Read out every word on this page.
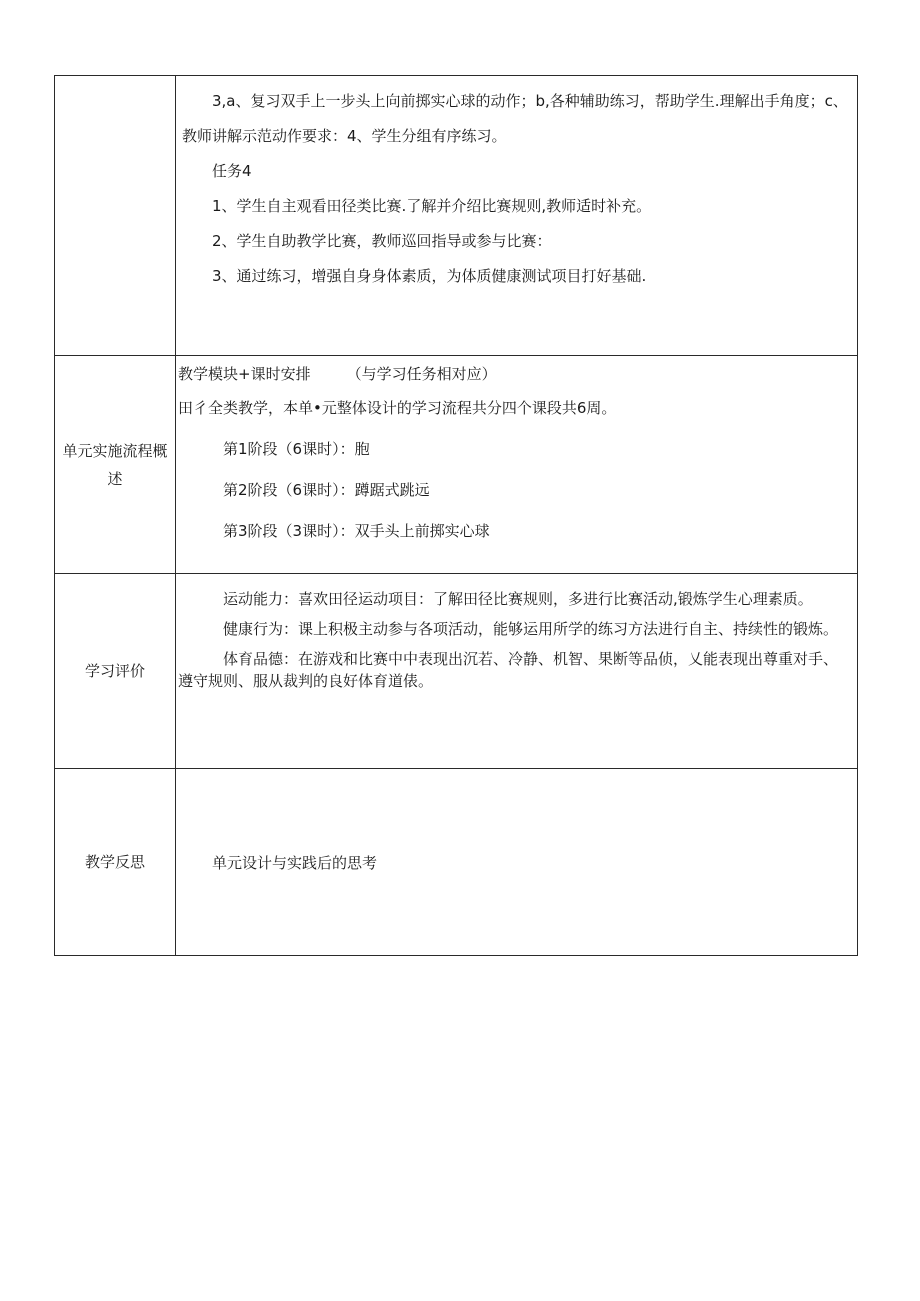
	3,a、复习双手上一步头上向前掷实心球的动作；b,各种辅助练习，帮助学生.理解出手角度；c、教师讲解示范动作要求：4、学生分组有序练习。

任务4

1、学生自主观看田径类比赛.了解并介绍比赛规则,教师适时补充。

2、学生自助教学比赛，教师巡回指导或参与比赛：

3、通过练习，增强自身身体素质，为体质健康测试项目打好基础.

单元实施流程概述	教学模块+课时安排 （与学习任务相对应）

田彳全类教学，本单•元整体设计的学习流程共分四个课段共6周。

第1阶段（6课时）：胞

第2阶段（6课时）：蹲踞式跳远

第3阶段（3课时）：双手头上前掷实心球

学习评价	运动能力：喜欢田径运动项目：了解田径比赛规则，多进行比赛活动,锻炼学生心理素质。

健康行为：课上积极主动参与各项活动，能够运用所学的练习方法进行自主、持续性的锻炼。

体育品德：在游戏和比赛中中表现出沉若、冷静、机智、果断等品侦，乂能表现出尊重对手、遵守规则、服从裁判的良好体育道俵。

教学反思	单元设计与实践后的思考
